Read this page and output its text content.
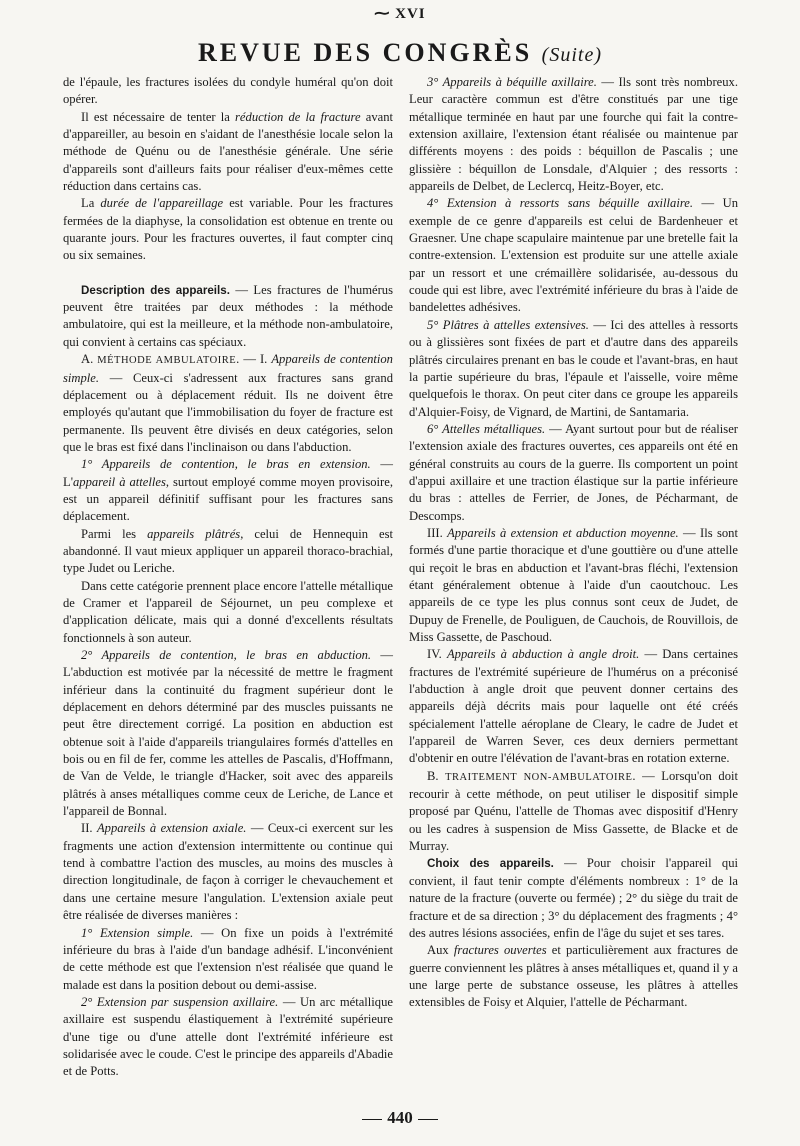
⁓ XVI
REVUE DES CONGRÈS (Suite)

de l'épaule, les fractures isolées du condyle huméral qu'on doit opérer.

Il est nécessaire de tenter la réduction de la fracture avant d'appareiller, au besoin en s'aidant de l'anesthésie locale selon la méthode de Quénu ou de l'anesthésie générale. Une série d'appareils sont d'ailleurs faits pour réaliser d'eux-mêmes cette réduction dans certains cas.

La durée de l'appareillage est variable. Pour les fractures fermées de la diaphyse, la consolidation est obtenue en trente ou quarante jours. Pour les fractures ouvertes, il faut compter cinq ou six semaines.

Description des appareils. — Les fractures de l'humérus peuvent être traitées par deux méthodes : la méthode ambulatoire, qui est la meilleure, et la méthode non-ambulatoire, qui convient à certains cas spéciaux.

A. MÉTHODE AMBULATOIRE. — I. Appareils de contention simple. — Ceux-ci s'adressent aux fractures sans grand déplacement ou à déplacement réduit. Ils ne doivent être employés qu'autant que l'immobilisation du foyer de fracture est permanente. Ils peuvent être divisés en deux catégories, selon que le bras est fixé dans l'inclinaison ou dans l'abduction.

1° Appareils de contention, le bras en extension. — L'appareil à attelles, surtout employé comme moyen provisoire, est un appareil définitif suffisant pour les fractures sans déplacement.

Parmi les appareils plâtrés, celui de Hennequin est abandonné. Il vaut mieux appliquer un appareil thoraco-brachial, type Judet ou Leriche.

Dans cette catégorie prennent place encore l'attelle métallique de Cramer et l'appareil de Séjournet, un peu complexe et d'application délicate, mais qui a donné d'excellents résultats fonctionnels à son auteur.

2° Appareils de contention, le bras en abduction. — L'abduction est motivée par la nécessité de mettre le fragment inférieur dans la continuité du fragment supérieur dont le déplacement en dehors déterminé par des muscles puissants ne peut être directement corrigé. La position en abduction est obtenue soit à l'aide d'appareils triangulaires formés d'attelles en bois ou en fil de fer, comme les attelles de Pascalis, d'Hoffmann, de Van de Velde, le triangle d'Hacker, soit avec des appareils plâtrés à anses métalliques comme ceux de Leriche, de Lance et l'appareil de Bonnal.

II. Appareils à extension axiale. — Ceux-ci exercent sur les fragments une action d'extension intermittente ou continue qui tend à combattre l'action des muscles, au moins des muscles à direction longitudinale, de façon à corriger le chevauchement et dans une certaine mesure l'angulation. L'extension axiale peut être réalisée de diverses manières :

1° Extension simple. — On fixe un poids à l'extrémité inférieure du bras à l'aide d'un bandage adhésif. L'inconvénient de cette méthode est que l'extension n'est réalisée que quand le malade est dans la position debout ou demi-assise.

2° Extension par suspension axillaire. — Un arc métallique axillaire est suspendu élastiquement à l'extrémité supérieure d'une tige ou d'une attelle dont l'extrémité inférieure est solidarisée avec le coude. C'est le principe des appareils d'Abadie et de Potts.

3° Appareils à béquille axillaire. — Ils sont très nombreux. Leur caractère commun est d'être constitués par une tige métallique terminée en haut par une fourche qui fait la contre-extension axillaire, l'extension étant réalisée ou maintenue par différents moyens : des poids : béquillon de Pascalis ; une glissière : béquillon de Lonsdale, d'Alquier ; des ressorts : appareils de Delbet, de Leclercq, Heitz-Boyer, etc.

4° Extension à ressorts sans béquille axillaire. — Un exemple de ce genre d'appareils est celui de Bardenheuer et Graesner. Une chape scapulaire maintenue par une bretelle fait la contre-extension. L'extension est produite sur une attelle axiale par un ressort et une crémaillère solidarisée, au-dessous du coude qui est libre, avec l'extrémité inférieure du bras à l'aide de bandelettes adhésives.

5° Plâtres à attelles extensives. — Ici des attelles à ressorts ou à glissières sont fixées de part et d'autre dans des appareils plâtrés circulaires prenant en bas le coude et l'avant-bras, en haut la partie supérieure du bras, l'épaule et l'aisselle, voire même quelquefois le thorax. On peut citer dans ce groupe les appareils d'Alquier-Foisy, de Vignard, de Martini, de Santamaria.

6° Attelles métalliques. — Ayant surtout pour but de réaliser l'extension axiale des fractures ouvertes, ces appareils ont été en général construits au cours de la guerre. Ils comportent un point d'appui axillaire et une traction élastique sur la partie inférieure du bras : attelles de Ferrier, de Jones, de Pécharmant, de Descomps.

III. Appareils à extension et abduction moyenne. — Ils sont formés d'une partie thoracique et d'une gouttière ou d'une attelle qui reçoit le bras en abduction et l'avant-bras fléchi, l'extension étant généralement obtenue à l'aide d'un caoutchouc. Les appareils de ce type les plus connus sont ceux de Judet, de Dupuy de Frenelle, de Pouliguen, de Cauchois, de Rouvillois, de Miss Gassette, de Paschoud.

IV. Appareils à abduction à angle droit. — Dans certaines fractures de l'extrémité supérieure de l'humérus on a préconisé l'abduction à angle droit que peuvent donner certains des appareils déjà décrits mais pour laquelle ont été créés spécialement l'attelle aéroplane de Cleary, le cadre de Judet et l'appareil de Warren Sever, ces deux derniers permettant d'obtenir en outre l'élévation de l'avant-bras en rotation externe.

B. TRAITEMENT NON-AMBULATOIRE. — Lorsqu'on doit recourir à cette méthode, on peut utiliser le dispositif simple proposé par Quénu, l'attelle de Thomas avec dispositif d'Henry ou les cadres à suspension de Miss Gassette, de Blacke et de Murray.

Choix des appareils. — Pour choisir l'appareil qui convient, il faut tenir compte d'éléments nombreux : 1° de la nature de la fracture (ouverte ou fermée) ; 2° du siège du trait de fracture et de sa direction ; 3° du déplacement des fragments ; 4° des autres lésions associées, enfin de l'âge du sujet et ses tares.

Aux fractures ouvertes et particulièrement aux fractures de guerre conviennent les plâtres à anses métalliques et, quand il y a une large perte de substance osseuse, les plâtres à attelles extensibles de Foisy et Alquier, l'attelle de Pécharmant.

440
